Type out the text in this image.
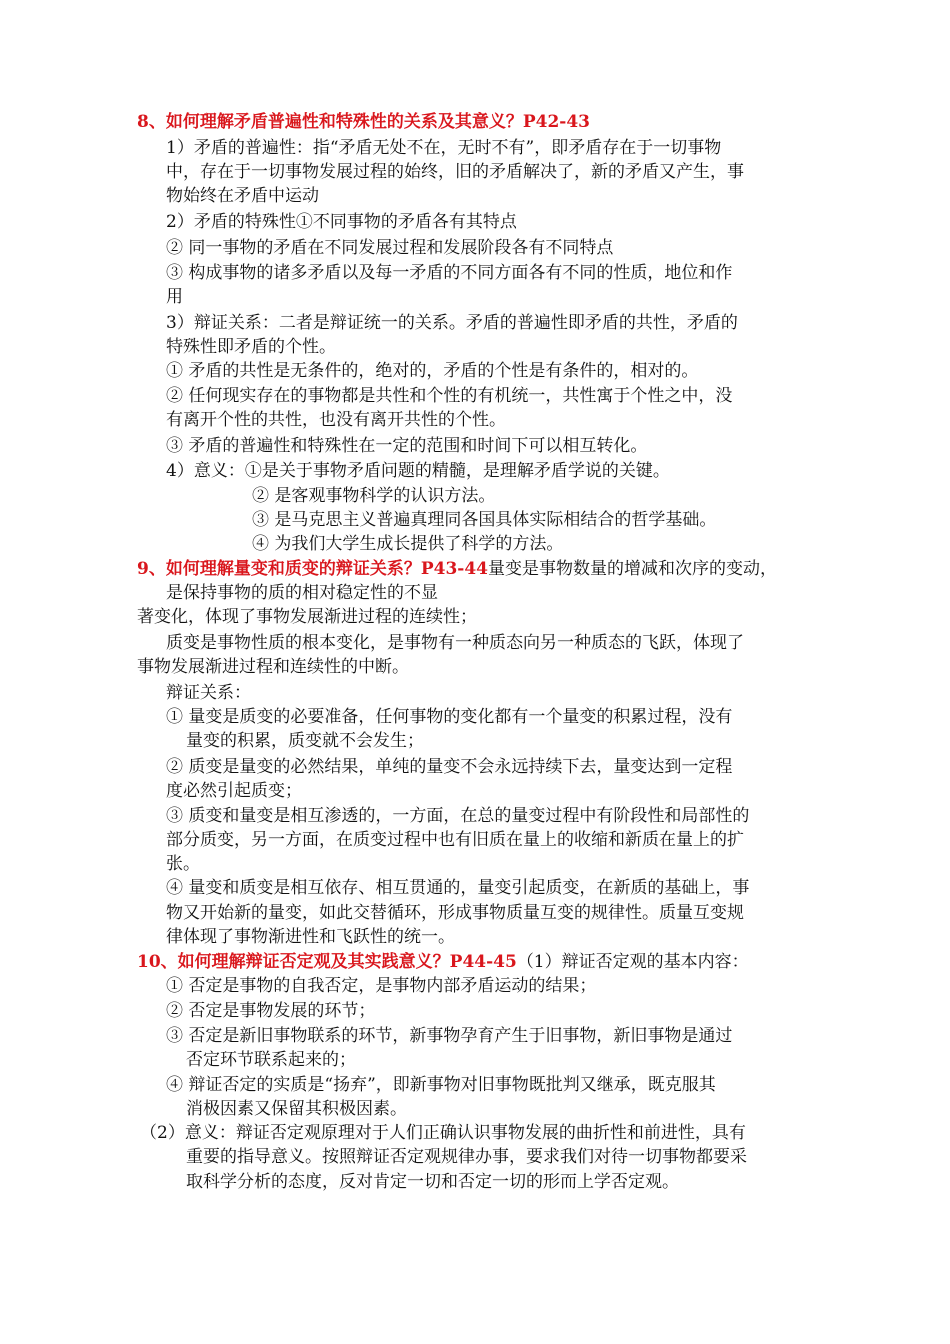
8、如何理解矛盾普遍性和特殊性的关系及其意义？P42-43
1）矛盾的普遍性：指“矛盾无处不在，无时不有”，即矛盾存在于一切事物
中，存在于一切事物发展过程的始终，旧的矛盾解决了，新的矛盾又产生，事
物始终在矛盾中运动
2）矛盾的特殊性①不同事物的矛盾各有其特点
② 同一事物的矛盾在不同发展过程和发展阶段各有不同特点
③ 构成事物的诸多矛盾以及每一矛盾的不同方面各有不同的性质，地位和作
用
3）辩证关系：二者是辩证统一的关系。矛盾的普遍性即矛盾的共性，矛盾的
特殊性即矛盾的个性。
① 矛盾的共性是无条件的，绝对的，矛盾的个性是有条件的，相对的。
② 任何现实存在的事物都是共性和个性的有机统一，共性寓于个性之中，没
有离开个性的共性，也没有离开共性的个性。
③ 矛盾的普遍性和特殊性在一定的范围和时间下可以相互转化。
4）意义：①是关于事物矛盾问题的精髓，是理解矛盾学说的关键。
② 是客观事物科学的认识方法。
③ 是马克思主义普遍真理同各国具体实际相结合的哲学基础。
④ 为我们大学生成长提供了科学的方法。
9、如何理解量变和质变的辩证关系？P43-44量变是事物数量的增减和次序的变动，
是保持事物的质的相对稳定性的不显
著变化，体现了事物发展渐进过程的连续性；
质变是事物性质的根本变化，是事物有一种质态向另一种质态的飞跃，体现了
事物发展渐进过程和连续性的中断。
辩证关系：
① 量变是质变的必要准备，任何事物的变化都有一个量变的积累过程，没有
量变的积累，质变就不会发生；
② 质变是量变的必然结果，单纯的量变不会永远持续下去，量变达到一定程
度必然引起质变；
③ 质变和量变是相互渗透的，一方面，在总的量变过程中有阶段性和局部性的
部分质变，另一方面，在质变过程中也有旧质在量上的收缩和新质在量上的扩
张。
④ 量变和质变是相互依存、相互贯通的，量变引起质变，在新质的基础上，事
物又开始新的量变，如此交替循环，形成事物质量互变的规律性。质量互变规
律体现了事物渐进性和飞跃性的统一。
10、如何理解辩证否定观及其实践意义？P44-45（1）辩证否定观的基本内容：
① 否定是事物的自我否定，是事物内部矛盾运动的结果；
② 否定是事物发展的环节；
③ 否定是新旧事物联系的环节，新事物孕育产生于旧事物，新旧事物是通过
否定环节联系起来的；
④ 辩证否定的实质是“扬弃”，即新事物对旧事物既批判又继承，既克服其
消极因素又保留其积极因素。
（2）意义：辩证否定观原理对于人们正确认识事物发展的曲折性和前进性，具有
重要的指导意义。按照辩证否定观规律办事，要求我们对待一切事物都要采
取科学分析的态度，反对肯定一切和否定一切的形而上学否定观。
